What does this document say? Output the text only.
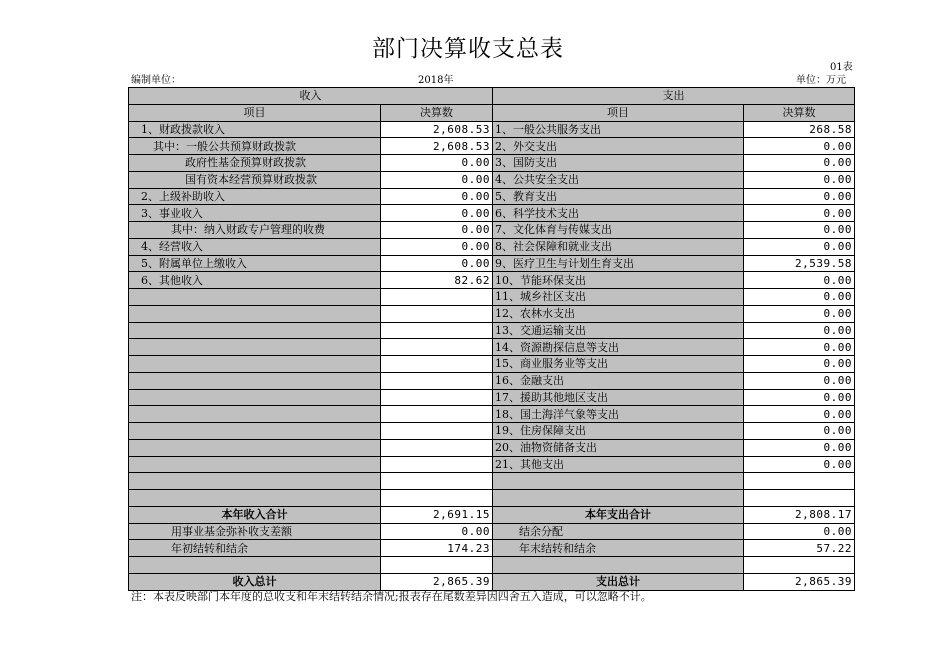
部门决算收支总表
01表
编制单位：	2018年	单位：万元
收入		支出	
项目	决算数	项目	决算数
1、财政拨款收入	2,608.53	1、一般公共服务支出	268.58
其中：一般公共预算财政拨款	2,608.53	2、外交支出	0.00
政府性基金预算财政拨款	0.00	3、国防支出	0.00
国有资本经营预算财政拨款	0.00	4、公共安全支出	0.00
2、上级补助收入	0.00	5、教育支出	0.00
3、事业收入	0.00	6、科学技术支出	0.00
其中：纳入财政专户管理的收费	0.00	7、文化体育与传媒支出	0.00
4、经营收入	0.00	8、社会保障和就业支出	0.00
5、附属单位上缴收入	0.00	9、医疗卫生与计划生育支出	2,539.58
6、其他收入	82.62	10、节能环保支出	0.00
		11、城乡社区支出	0.00
		12、农林水支出	0.00
		13、交通运输支出	0.00
		14、资源勘探信息等支出	0.00
		15、商业服务业等支出	0.00
		16、金融支出	0.00
		17、援助其他地区支出	0.00
		18、国土海洋气象等支出	0.00
		19、住房保障支出	0.00
		20、油物资储备支出	0.00
		21、其他支出	0.00

本年收入合计	2,691.15	本年支出合计	2,808.17
用事业基金弥补收支差额	0.00	结余分配	0.00
年初结转和结余	174.23	年末结转和结余	57.22

收入总计	2,865.39	支出总计	2,865.39
注：本表反映部门本年度的总收支和年末结转结余情况;报表存在尾数差异因四舍五入造成，可以忽略不计。
